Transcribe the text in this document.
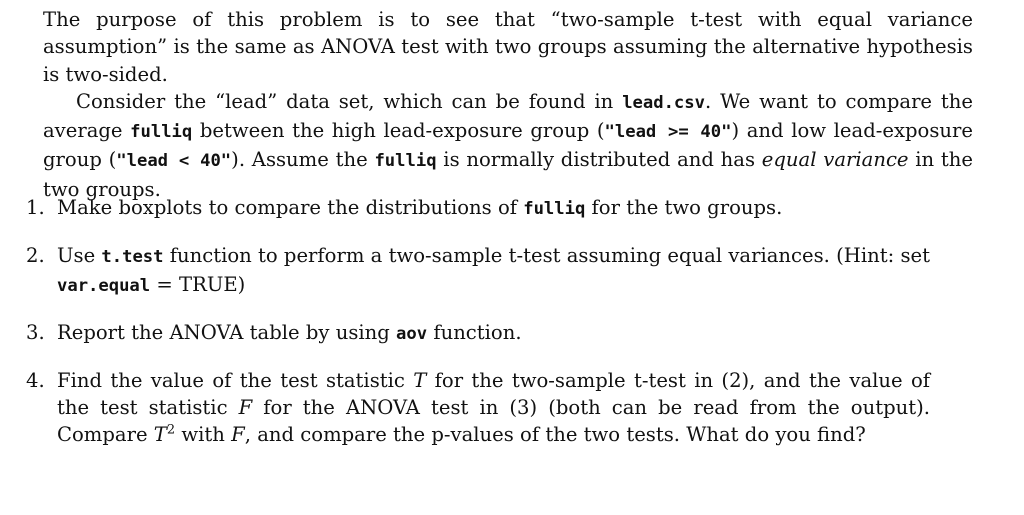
The purpose of this problem is to see that “two-sample t-test with equal variance assumption” is the same as ANOVA test with two groups assuming the alternative hypothesis is two-sided.

Consider the “lead” data set, which can be found in lead.csv. We want to compare the average fulliq between the high lead-exposure group ("lead >= 40") and low lead-exposure group ("lead < 40"). Assume the fulliq is normally distributed and has equal variance in the two groups.

1. Make boxplots to compare the distributions of fulliq for the two groups.
2. Use t.test function to perform a two-sample t-test assuming equal variances. (Hint: set var.equal = TRUE)
3. Report the ANOVA table by using aov function.
4. Find the value of the test statistic T for the two-sample t-test in (2), and the value of the test statistic F for the ANOVA test in (3) (both can be read from the output). Compare $T^2$ with F, and compare the p-values of the two tests. What do you find?
